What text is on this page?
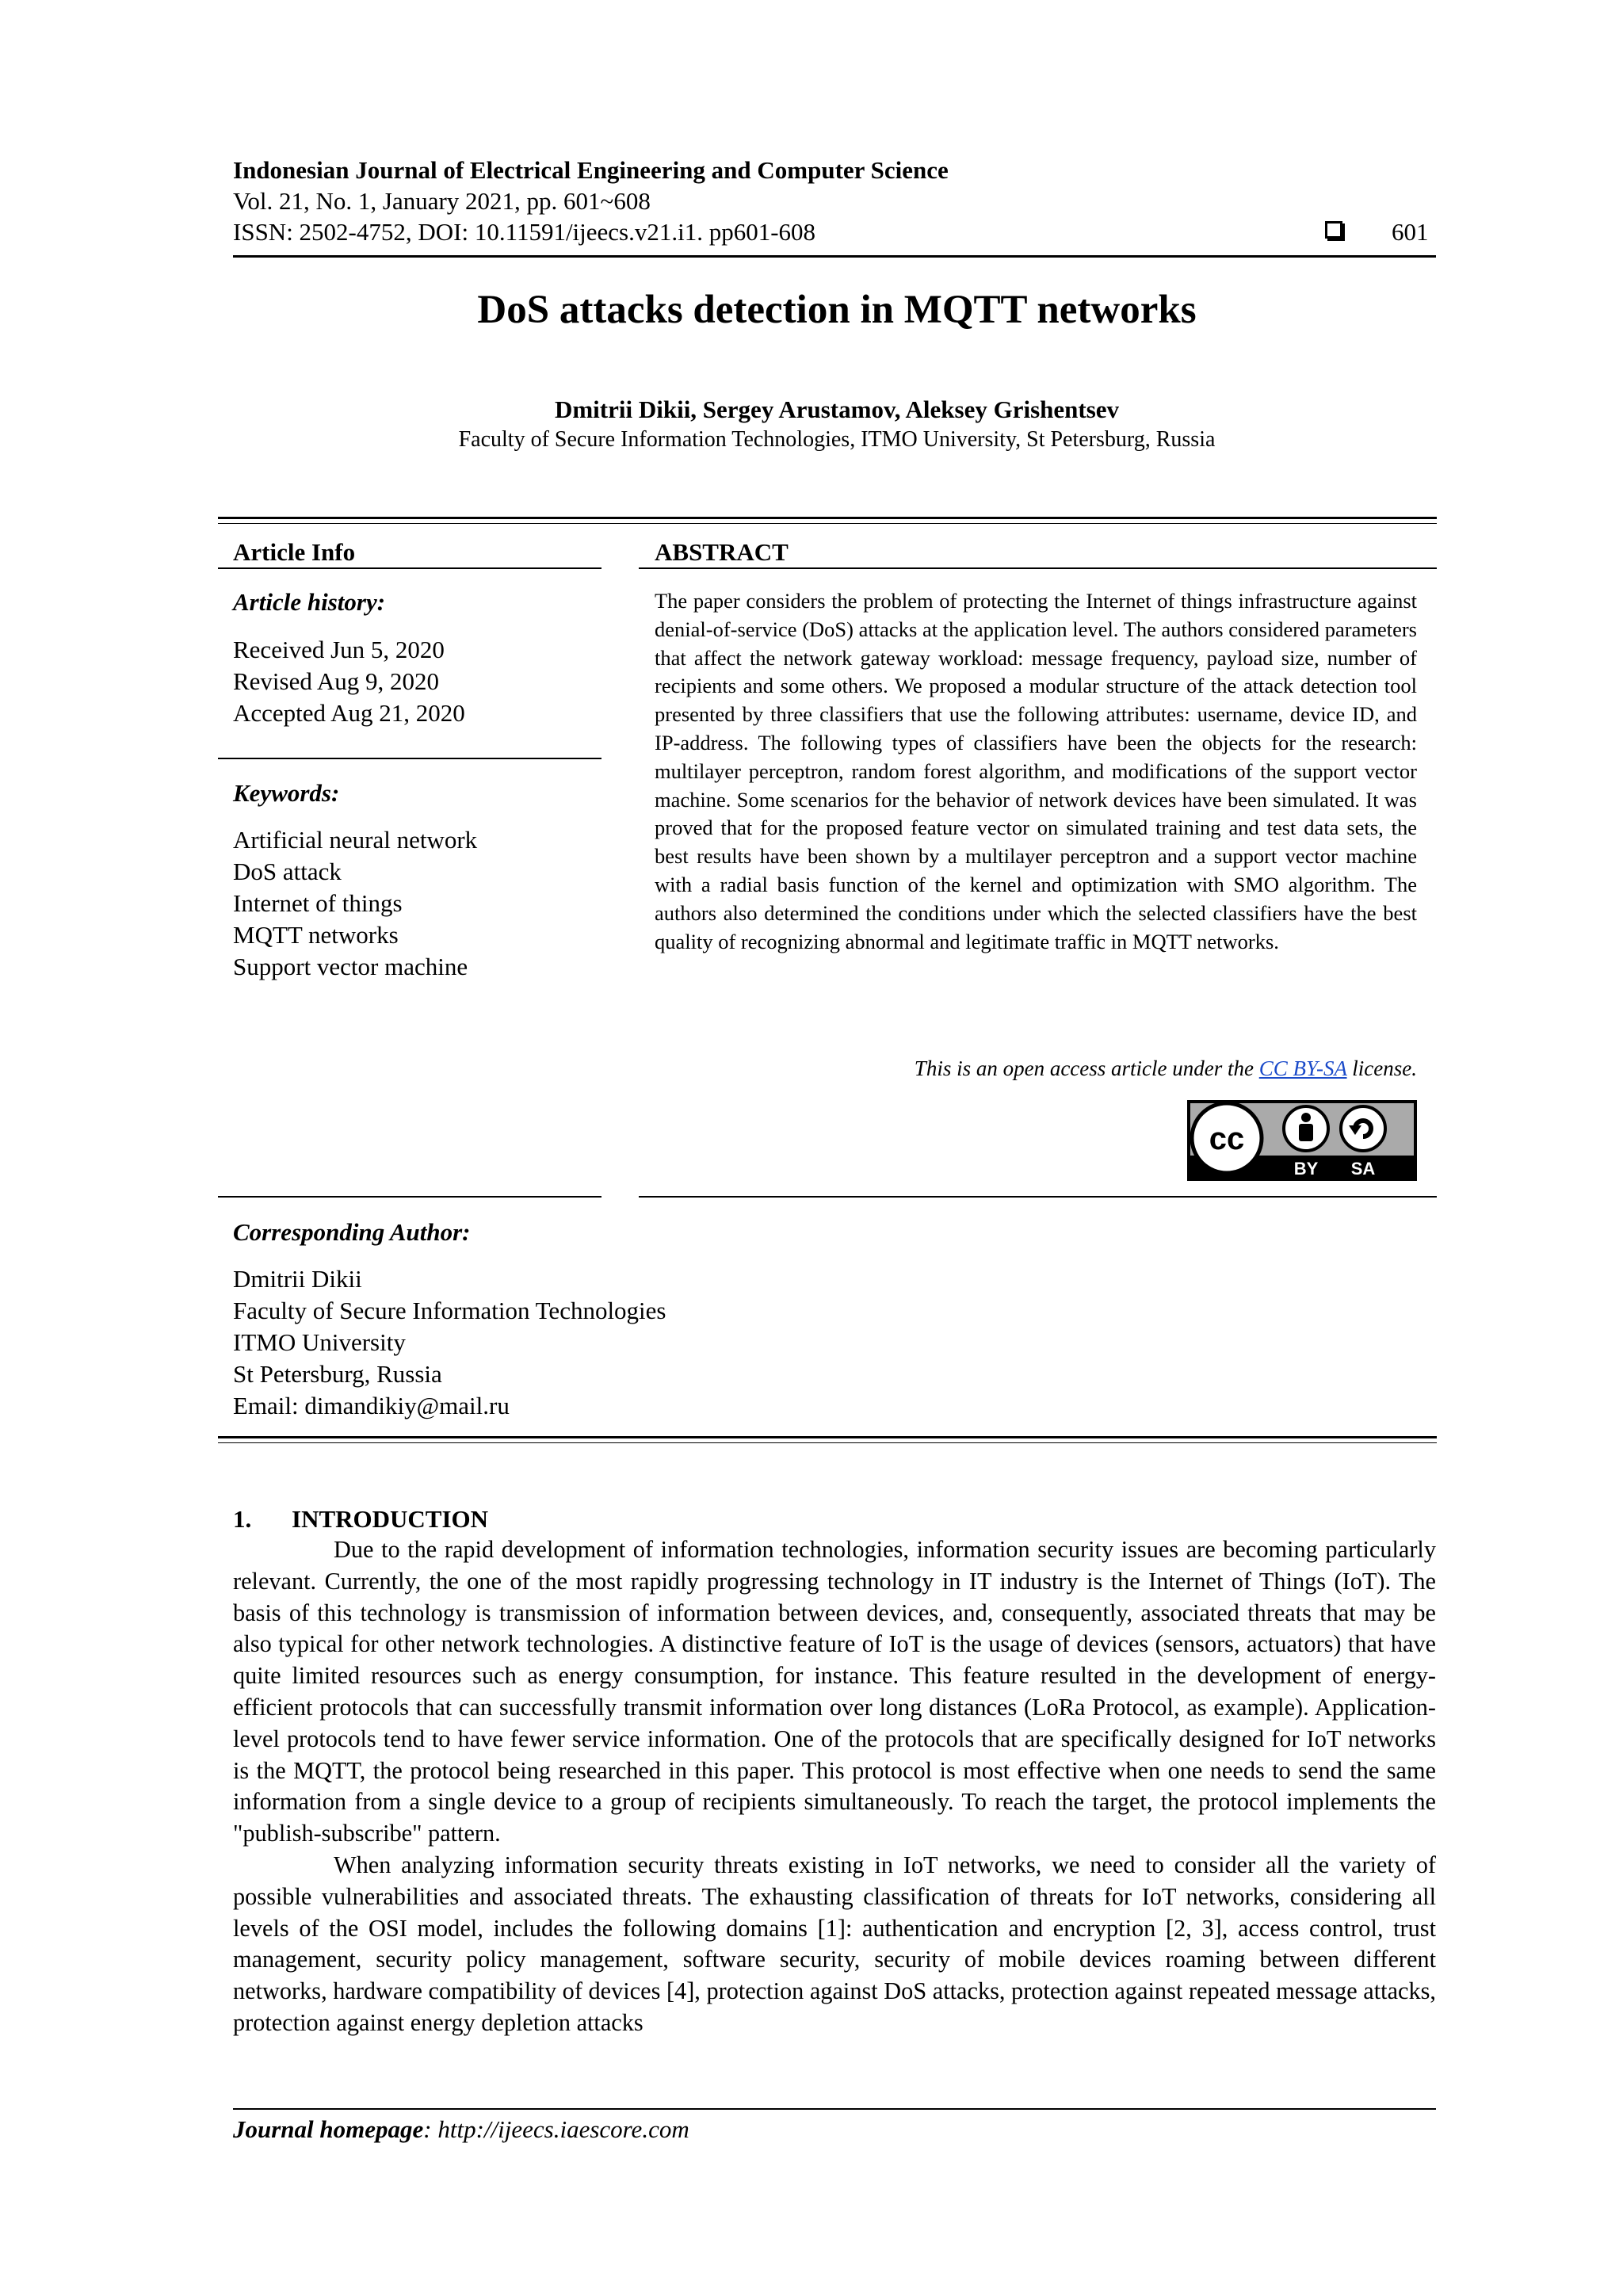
Indonesian Journal of Electrical Engineering and Computer Science
Vol. 21, No. 1, January 2021, pp. 601~608
ISSN: 2502-4752, DOI: 10.11591/ijeecs.v21.i1. pp601-608	601
DoS attacks detection in MQTT networks
Dmitrii Dikii, Sergey Arustamov, Aleksey Grishentsev
Faculty of Secure Information Technologies, ITMO University, St Petersburg, Russia
Article Info	ABSTRACT
Article history:
Received Jun 5, 2020
Revised Aug 9, 2020
Accepted Aug 21, 2020
Keywords:
Artificial neural network
DoS attack
Internet of things
MQTT networks
Support vector machine
The paper considers the problem of protecting the Internet of things infrastructure against denial-of-service (DoS) attacks at the application level. The authors considered parameters that affect the network gateway workload: message frequency, payload size, number of recipients and some others. We proposed a modular structure of the attack detection tool presented by three classifiers that use the following attributes: username, device ID, and IP-address. The following types of classifiers have been the objects for the research: multilayer perceptron, random forest algorithm, and modifications of the support vector machine. Some scenarios for the behavior of network devices have been simulated. It was proved that for the proposed feature vector on simulated training and test data sets, the best results have been shown by a multilayer perceptron and a support vector machine with a radial basis function of the kernel and optimization with SMO algorithm. The authors also determined the conditions under which the selected classifiers have the best quality of recognizing abnormal and legitimate traffic in MQTT networks.
This is an open access article under the CC BY-SA license.
cc
BY SA
Corresponding Author:
Dmitrii Dikii
Faculty of Secure Information Technologies
ITMO University
St Petersburg, Russia
Email: dimandikiy@mail.ru
1. INTRODUCTION

Due to the rapid development of information technologies, information security issues are becoming particularly relevant. Currently, the one of the most rapidly progressing technology in IT industry is the Internet of Things (IoT). The basis of this technology is transmission of information between devices, and, consequently, associated threats that may be also typical for other network technologies. A distinctive feature of IoT is the usage of devices (sensors, actuators) that have quite limited resources such as energy consumption, for instance. This feature resulted in the development of energy-efficient protocols that can successfully transmit information over long distances (LoRa Protocol, as example). Application-level protocols tend to have fewer service information. One of the protocols that are specifically designed for IoT networks is the MQTT, the protocol being researched in this paper. This protocol is most effective when one needs to send the same information from a single device to a group of recipients simultaneously. To reach the target, the protocol implements the "publish-subscribe" pattern.

When analyzing information security threats existing in IoT networks, we need to consider all the variety of possible vulnerabilities and associated threats. The exhausting classification of threats for IoT networks, considering all levels of the OSI model, includes the following domains [1]: authentication and encryption [2, 3], access control, trust management, security policy management, software security, security of mobile devices roaming between different networks, hardware compatibility of devices [4], protection against DoS attacks, protection against repeated message attacks, protection against energy depletion attacks

Journal homepage: http://ijeecs.iaescore.com
